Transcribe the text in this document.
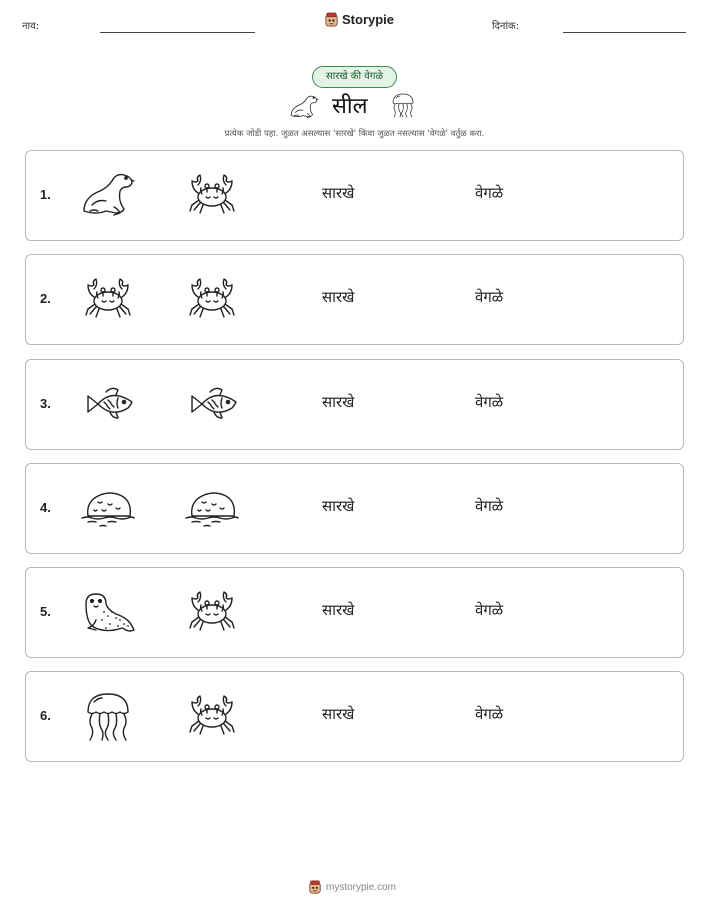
नाव:	Storypie	दिनांक:
सारखे की वेगळे
सील
प्रत्येक जोडी पहा. जुळत असल्यास 'सारखे' किंवा जुळत नसल्यास 'वेगळे' वर्तुळ करा.
1.	सारखे	वेगळे
2.	सारखे	वेगळे
3.	सारखे	वेगळे
4.	सारखे	वेगळे
5.	सारखे	वेगळे
6.	सारखे	वेगळे
mystorypie.com
